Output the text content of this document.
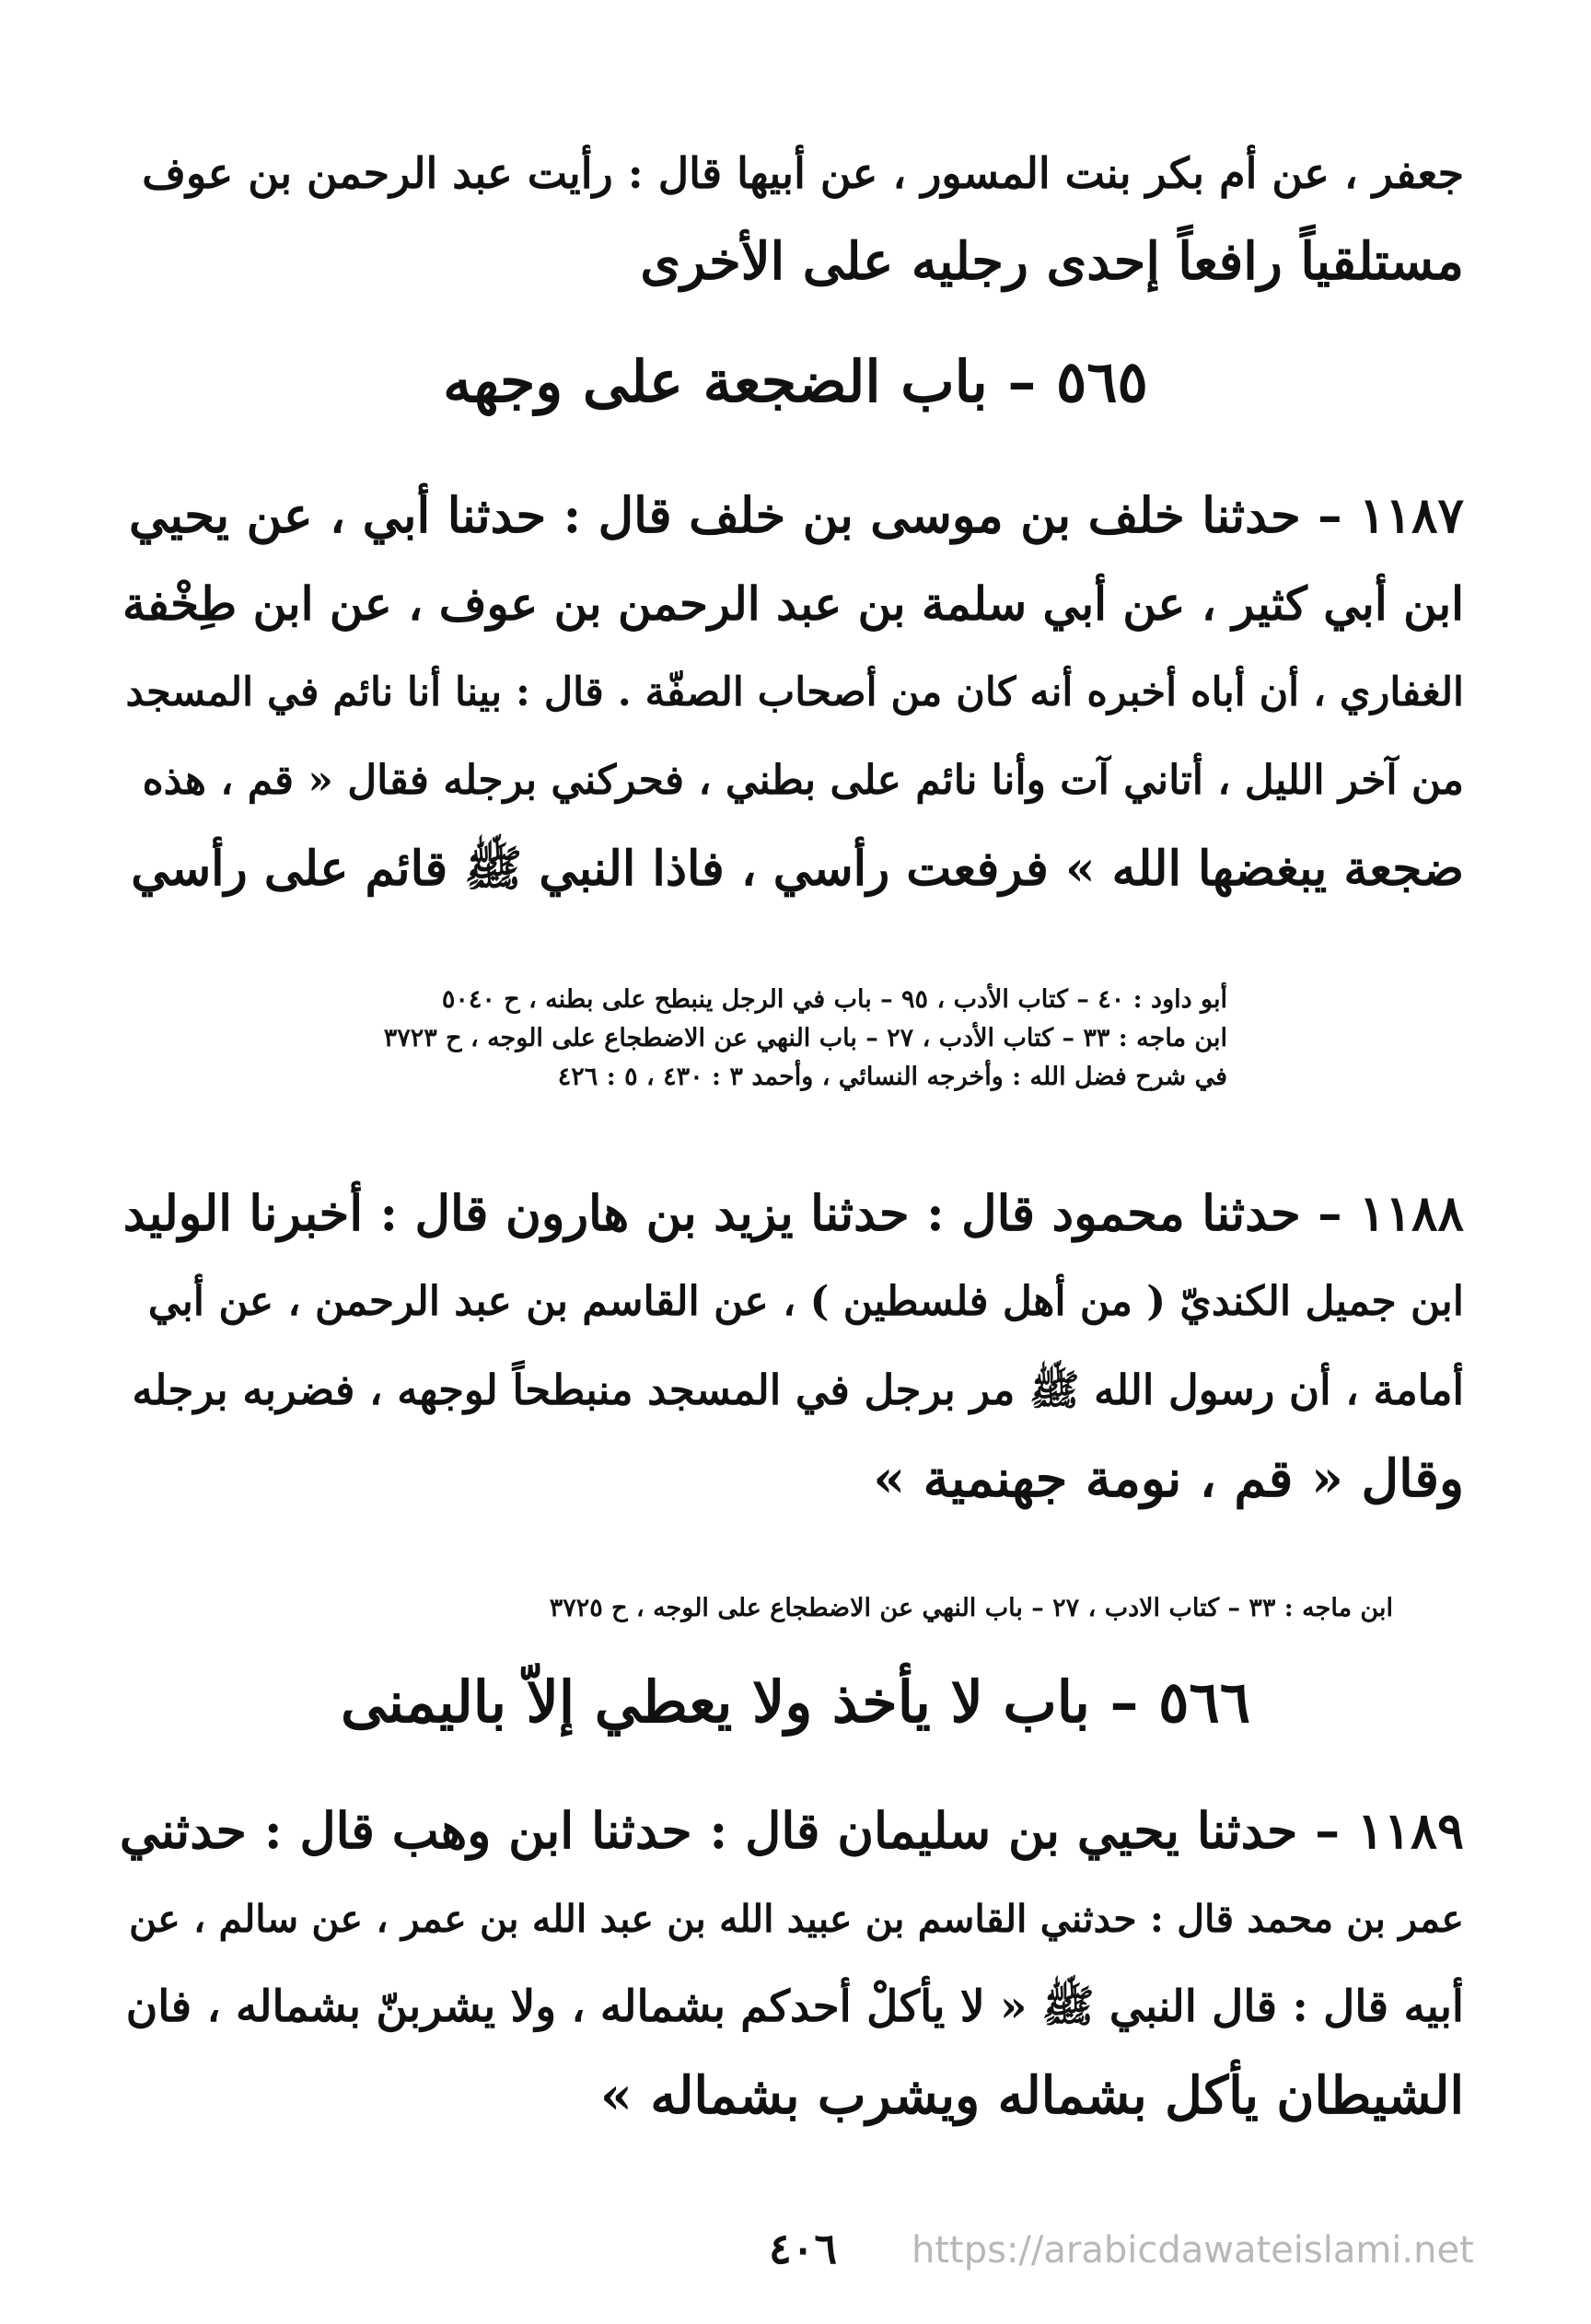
جعفر ، عن أم بكر بنت المسور ، عن أبيها قال : رأيت عبد الرحمن بن عوف
مستلقياً رافعاً إحدى رجليه على الأخرى
٥٦٥ – باب الضجعة على وجهه
١١٨٧ – حدثنا خلف بن موسى بن خلف قال : حدثنا أبي ، عن يحيي
ابن أبي كثير ، عن أبي سلمة بن عبد الرحمن بن عوف ، عن ابن طِخْفة
الغفاري ، أن أباه أخبره أنه كان من أصحاب الصفّة . قال : بينا أنا نائم في المسجد
من آخر الليل ، أتاني آت وأنا نائم على بطني ، فحركني برجله فقال « قم ، هذه
ضجعة يبغضها الله » فرفعت رأسي ، فاذا النبي ﷺ قائم على رأسي
أبو داود : ٤٠ – كتاب الأدب ، ٩٥ – باب في الرجل ينبطح على بطنه ، ح ٥٠٤٠
ابن ماجه : ٣٣ – كتاب الأدب ، ٢٧ – باب النهي عن الاضطجاع على الوجه ، ح ٣٧٢٣
في شرح فضل الله : وأخرجه النسائي ، وأحمد ٣ : ٤٣٠ ، ٥ : ٤٢٦
١١٨٨ – حدثنا محمود قال : حدثنا يزيد بن هارون قال : أخبرنا الوليد
ابن جميل الكنديّ ( من أهل فلسطين ) ، عن القاسم بن عبد الرحمن ، عن أبي
أمامة ، أن رسول الله ﷺ مر برجل في المسجد منبطحاً لوجهه ، فضربه برجله
وقال « قم ، نومة جهنمية »
ابن ماجه : ٣٣ – كتاب الادب ، ٢٧ – باب النهي عن الاضطجاع على الوجه ، ح ٣٧٢٥
٥٦٦ – باب لا يأخذ ولا يعطي إلاّ باليمنى
١١٨٩ – حدثنا يحيي بن سليمان قال : حدثنا ابن وهب قال : حدثني
عمر بن محمد قال : حدثني القاسم بن عبيد الله بن عبد الله بن عمر ، عن سالم ، عن
أبيه قال : قال النبي ﷺ « لا يأكلْ أحدكم بشماله ، ولا يشربنّ بشماله ، فان
الشيطان يأكل بشماله ويشرب بشماله »
٤٠٦ https://arabicdawateislami.net
